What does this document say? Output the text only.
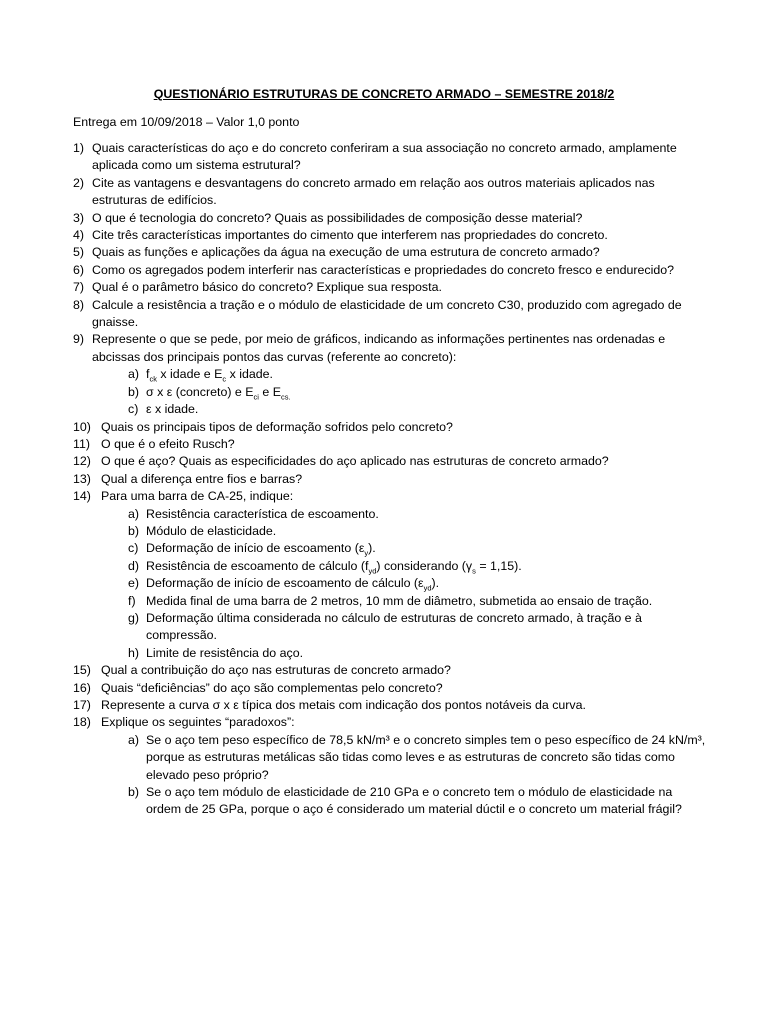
QUESTIONÁRIO ESTRUTURAS DE CONCRETO ARMADO – SEMESTRE 2018/2
Entrega em 10/09/2018 – Valor 1,0 ponto
1) Quais características do aço e do concreto conferiram a sua associação no concreto armado, amplamente aplicada como um sistema estrutural?
2) Cite as vantagens e desvantagens do concreto armado em relação aos outros materiais aplicados nas estruturas de edifícios.
3) O que é tecnologia do concreto? Quais as possibilidades de composição desse material?
4) Cite três características importantes do cimento que interferem nas propriedades do concreto.
5) Quais as funções e aplicações da água na execução de uma estrutura de concreto armado?
6) Como os agregados podem interferir nas características e propriedades do concreto fresco e endurecido?
7) Qual é o parâmetro básico do concreto? Explique sua resposta.
8) Calcule a resistência a tração e o módulo de elasticidade de um concreto C30, produzido com agregado de gnaisse.
9) Represente o que se pede, por meio de gráficos, indicando as informações pertinentes nas ordenadas e abcissas dos principais pontos das curvas (referente ao concreto):
a) $f_{ck}$ x idade e $E_c$ x idade.
b) σ x ε (concreto) e $E_{ci}$ e $E_{cs.}$
c) ε x idade.
10) Quais os principais tipos de deformação sofridos pelo concreto?
11) O que é o efeito Rusch?
12) O que é aço? Quais as especificidades do aço aplicado nas estruturas de concreto armado?
13) Qual a diferença entre fios e barras?
14) Para uma barra de CA-25, indique:
a) Resistência característica de escoamento.
b) Módulo de elasticidade.
c) Deformação de início de escoamento $(\varepsilon_y)$.
d) Resistência de escoamento de cálculo $(f_{yd})$ considerando $(\gamma_s = 1,15)$.
e) Deformação de início de escoamento de cálculo $(\varepsilon_{yd})$.
f) Medida final de uma barra de 2 metros, 10 mm de diâmetro, submetida ao ensaio de tração.
g) Deformação última considerada no cálculo de estruturas de concreto armado, à tração e à compressão.
h) Limite de resistência do aço.
15) Qual a contribuição do aço nas estruturas de concreto armado?
16) Quais “deficiências” do aço são complementas pelo concreto?
17) Represente a curva σ x ε típica dos metais com indicação dos pontos notáveis da curva.
18) Explique os seguintes “paradoxos”:
a) Se o aço tem peso específico de 78,5 kN/m³ e o concreto simples tem o peso específico de 24 kN/m³, porque as estruturas metálicas são tidas como leves e as estruturas de concreto são tidas como elevado peso próprio?
b) Se o aço tem módulo de elasticidade de 210 GPa e o concreto tem o módulo de elasticidade na ordem de 25 GPa, porque o aço é considerado um material dúctil e o concreto um material frágil?
